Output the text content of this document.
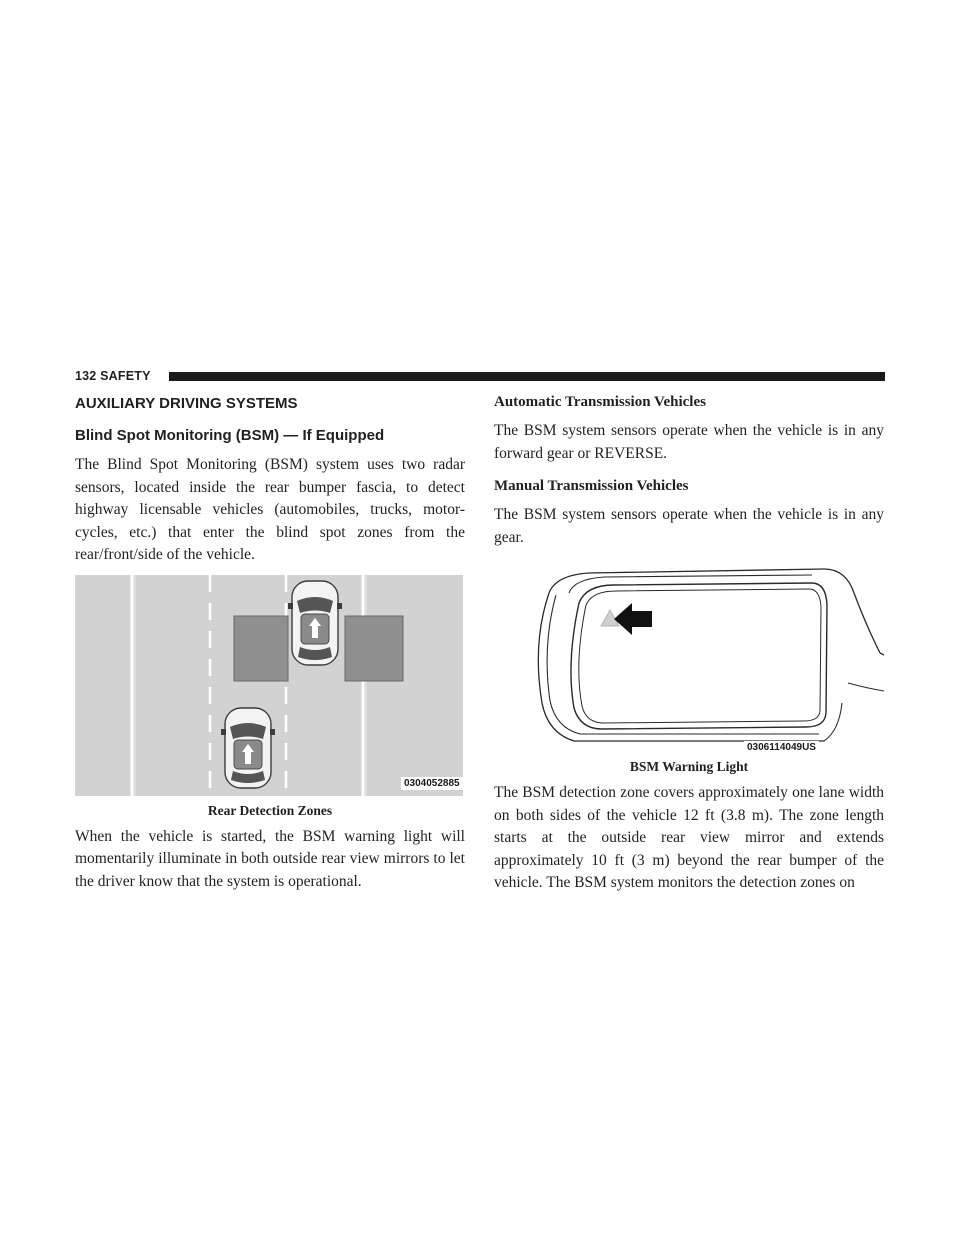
132 SAFETY
AUXILIARY DRIVING SYSTEMS
Blind Spot Monitoring (BSM) — If Equipped

The Blind Spot Monitoring (BSM) system uses two radar sensors, located inside the rear bumper fascia, to detect highway licensable vehicles (automobiles, trucks, motor-cycles, etc.) that enter the blind spot zones from the rear/front/side of the vehicle.

0304052885
Rear Detection Zones

When the vehicle is started, the BSM warning light will momentarily illuminate in both outside rear view mirrors to let the driver know that the system is operational.

Automatic Transmission Vehicles

The BSM system sensors operate when the vehicle is in any forward gear or REVERSE.

Manual Transmission Vehicles

The BSM system sensors operate when the vehicle is in any gear.

0306114049US
BSM Warning Light

The BSM detection zone covers approximately one lane width on both sides of the vehicle 12 ft (3.8 m). The zone length starts at the outside rear view mirror and extends approximately 10 ft (3 m) beyond the rear bumper of the vehicle. The BSM system monitors the detection zones on
